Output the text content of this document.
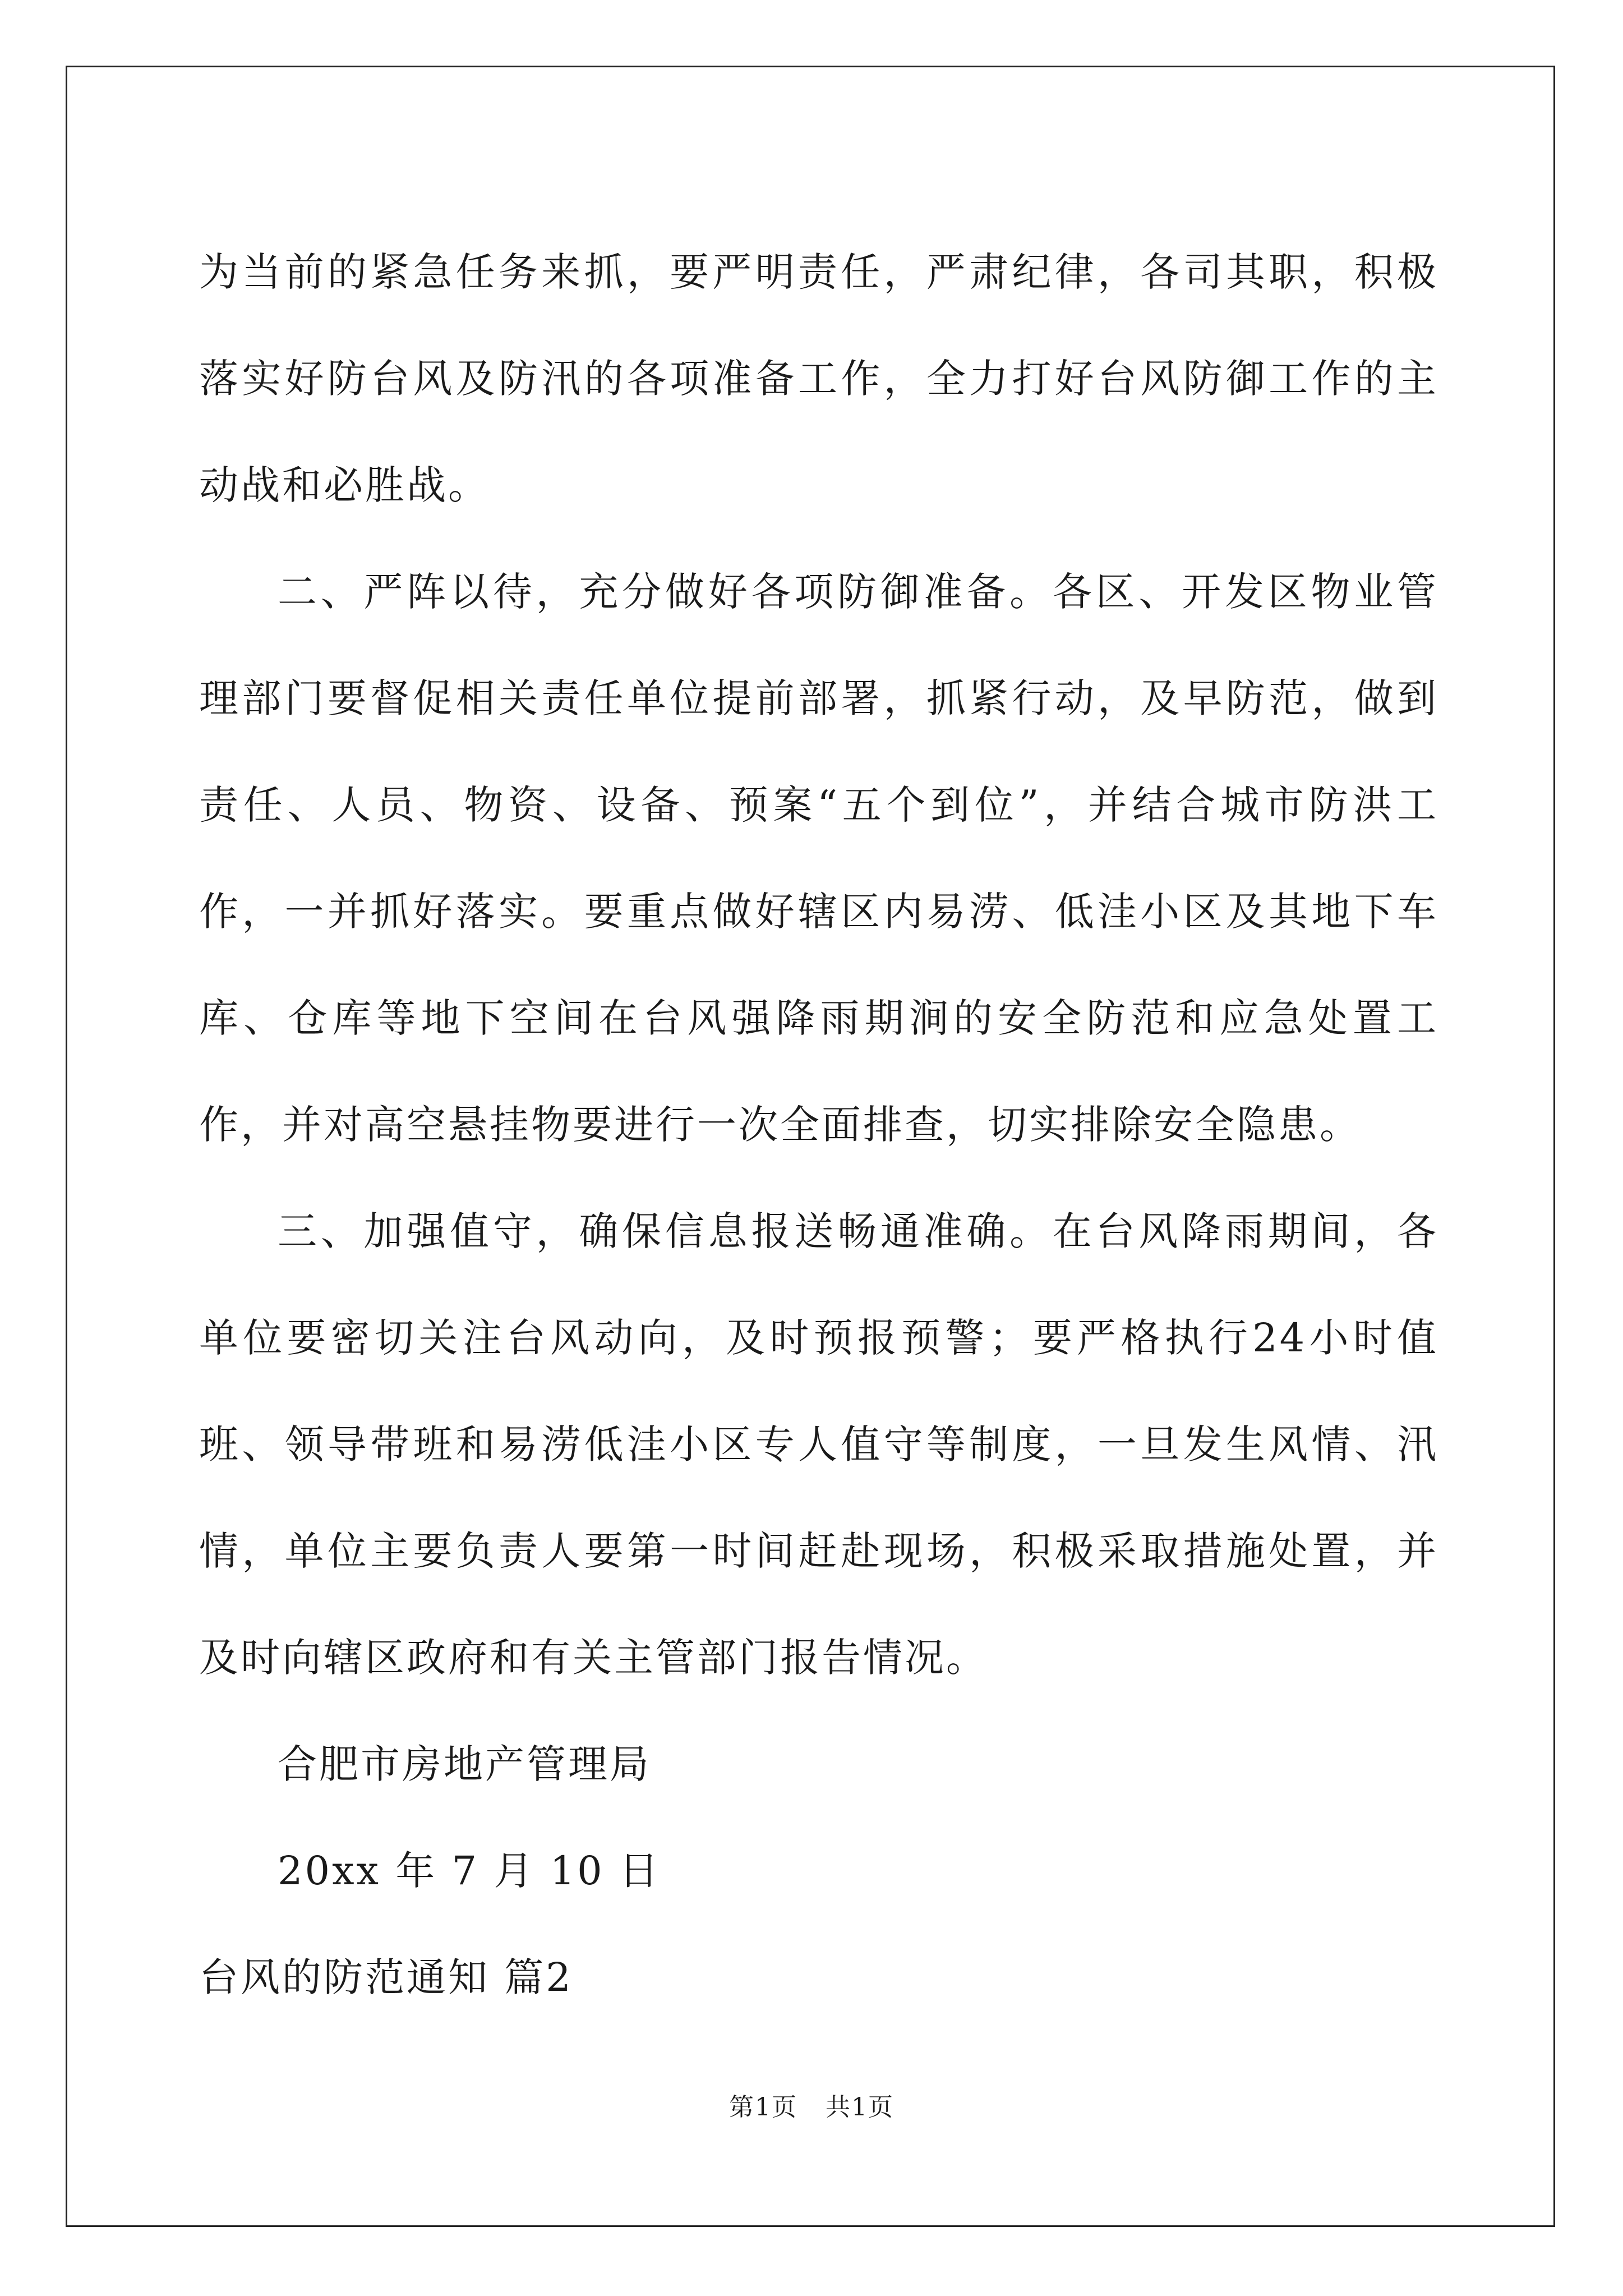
为当前的紧急任务来抓，要严明责任，严肃纪律，各司其职，积极落实好防台风及防汛的各项准备工作，全力打好台风防御工作的主动战和必胜战。

二、严阵以待，充分做好各项防御准备。各区、开发区物业管理部门要督促相关责任单位提前部署，抓紧行动，及早防范，做到责任、人员、物资、设备、预案“五个到位”，并结合城市防洪工作，一并抓好落实。要重点做好辖区内易涝、低洼小区及其地下车库、仓库等地下空间在台风强降雨期涧的安全防范和应急处置工作，并对高空悬挂物要进行一次全面排查，切实排除安全隐患。

三、加强值守，确保信息报送畅通准确。在台风降雨期间，各单位要密切关注台风动向，及时预报预警；要严格执行24小时值班、领导带班和易涝低洼小区专人值守等制度，一旦发生风情、汛情，单位主要负责人要第一时间赶赴现场，积极采取措施处置，并及时向辖区政府和有关主管部门报告情况。

合肥市房地产管理局

20xx 年 7 月 10 日

台风的防范通知 篇2

第1页 共1页
